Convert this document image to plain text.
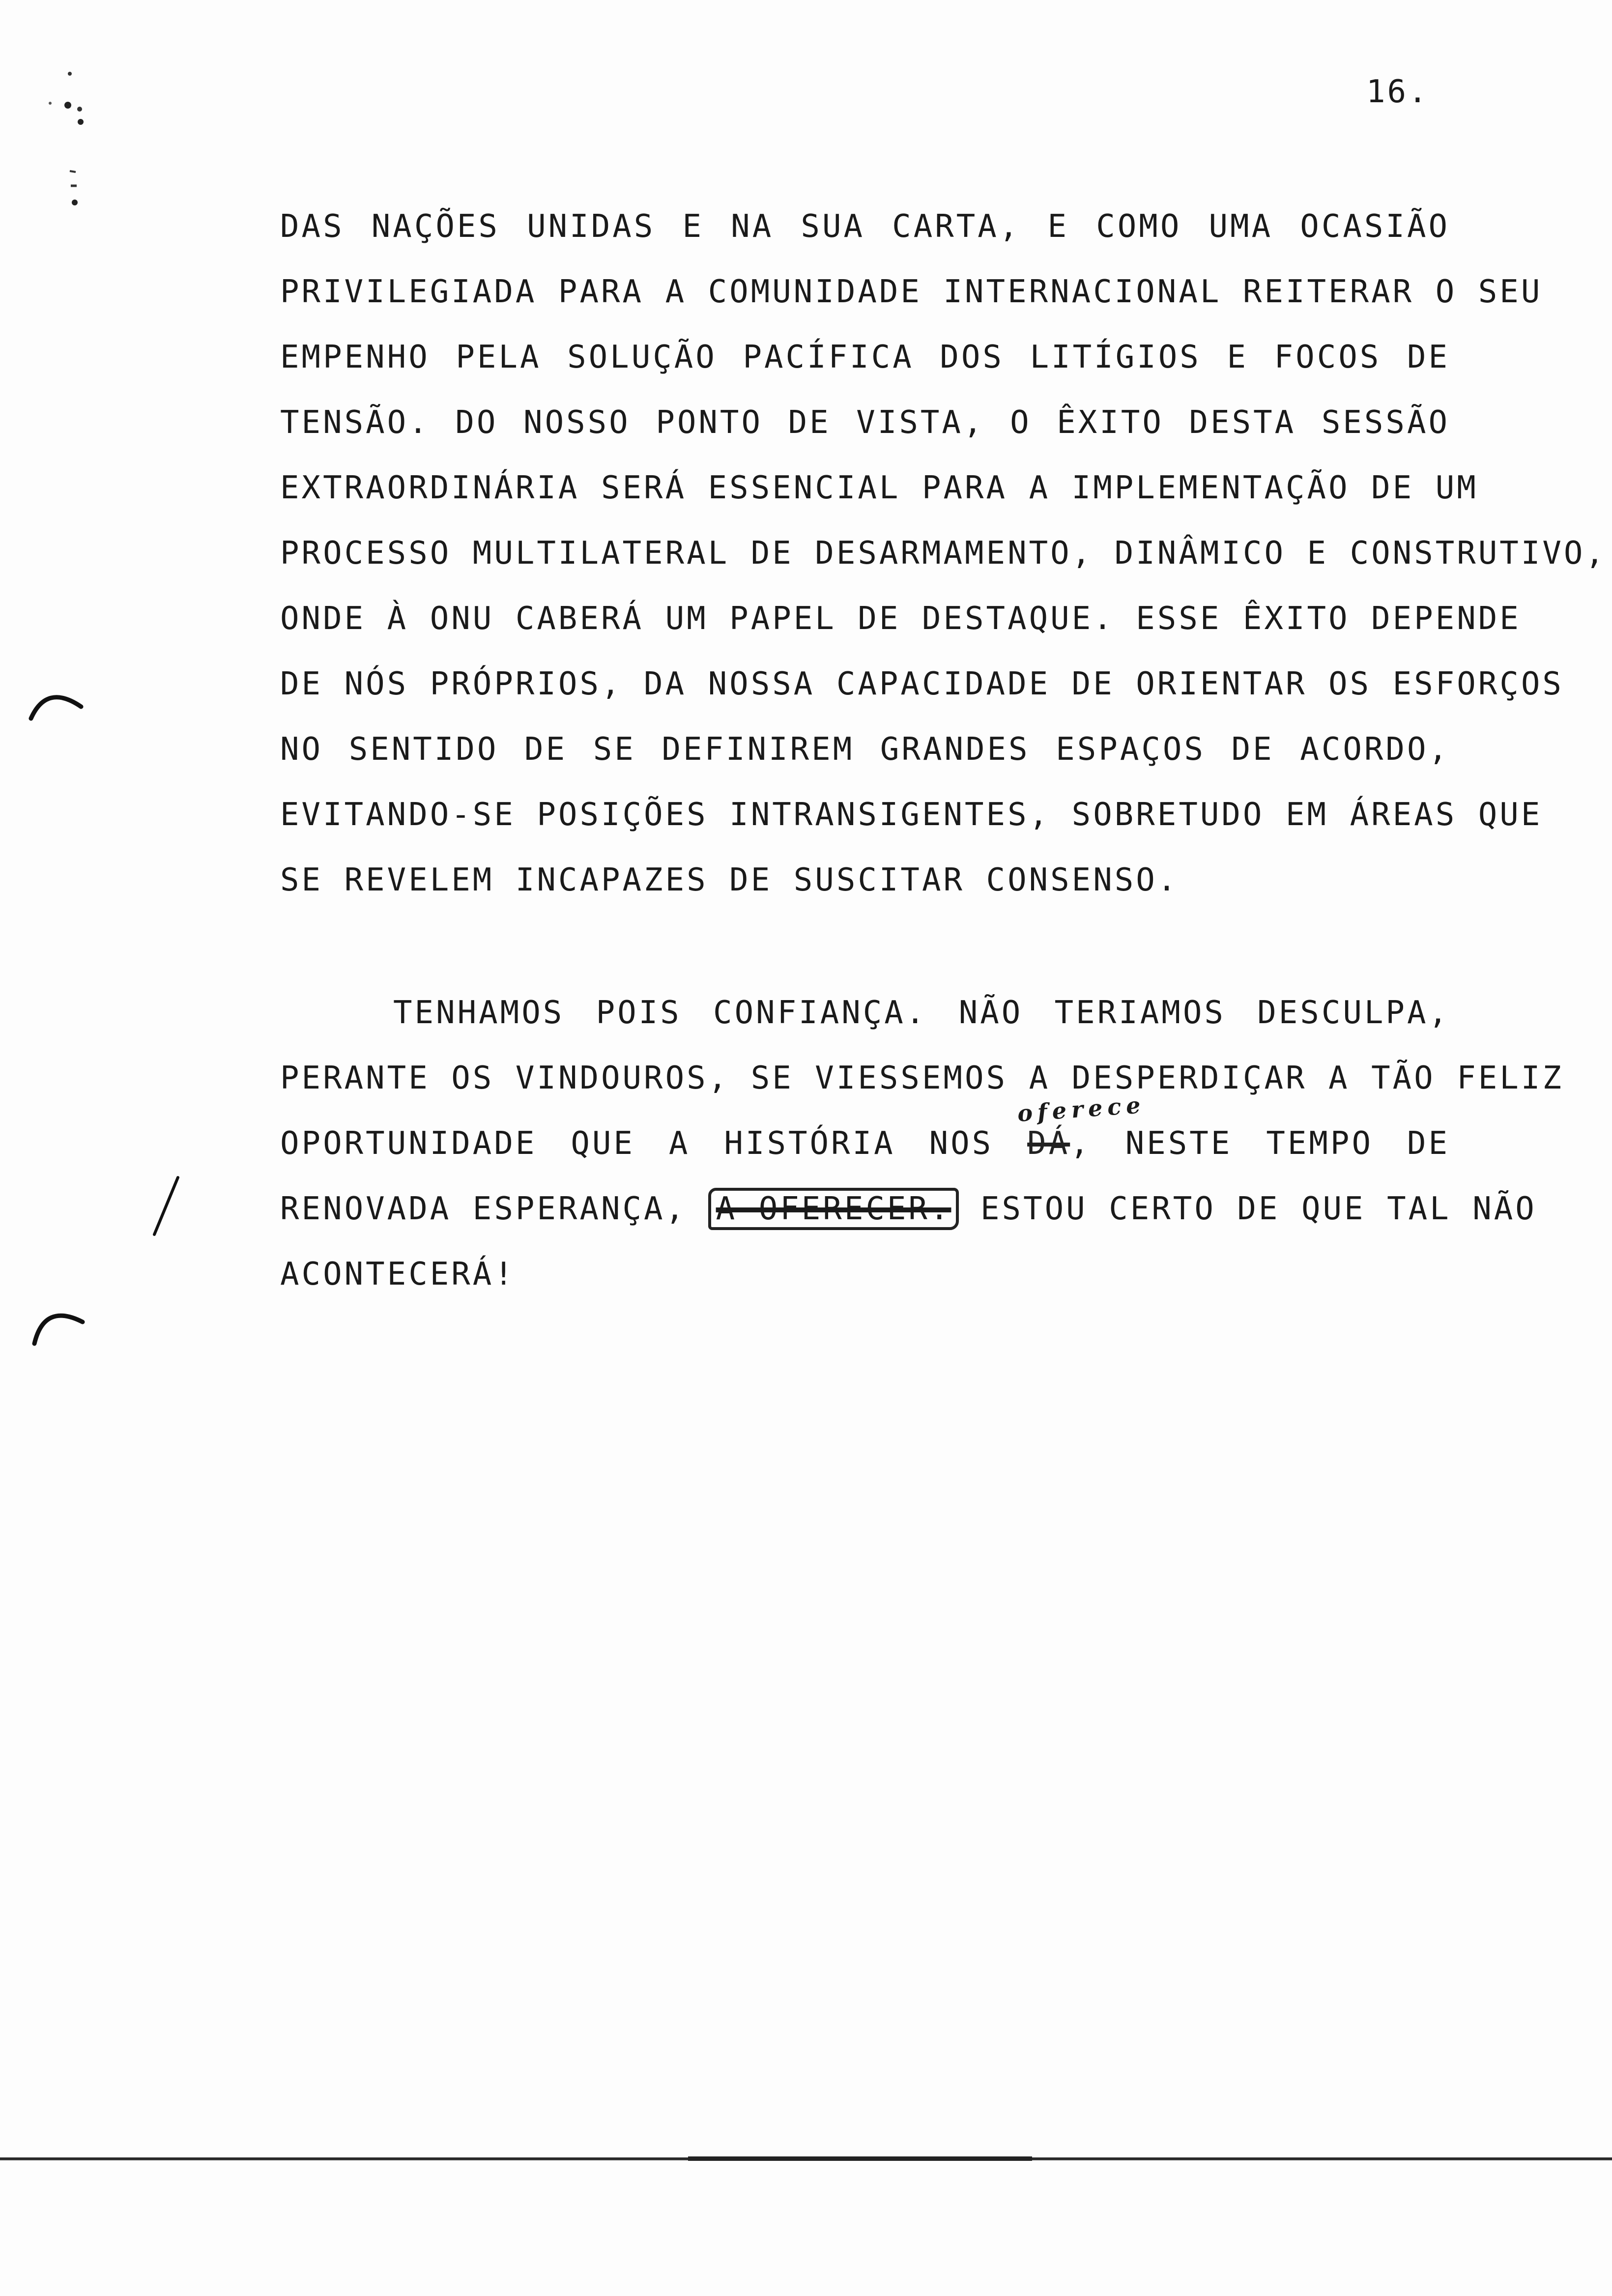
16.
DAS NAÇÕES UNIDAS E NA SUA CARTA, E COMO UMA OCASIÃO
PRIVILEGIADA PARA A COMUNIDADE INTERNACIONAL REITERAR O SEU
EMPENHO PELA SOLUÇÃO PACÍFICA DOS LITÍGIOS E FOCOS DE
TENSÃO. DO NOSSO PONTO DE VISTA, O ÊXITO DESTA SESSÃO
EXTRAORDINÁRIA SERÁ ESSENCIAL PARA A IMPLEMENTAÇÃO DE UM
PROCESSO MULTILATERAL DE DESARMAMENTO, DINÂMICO E CONSTRUTIVO,
ONDE À ONU CABERÁ UM PAPEL DE DESTAQUE. ESSE ÊXITO DEPENDE
DE NÓS PRÓPRIOS, DA NOSSA CAPACIDADE DE ORIENTAR OS ESFORÇOS
NO SENTIDO DE SE DEFINIREM GRANDES ESPAÇOS DE ACORDO,
EVITANDO-SE POSIÇÕES INTRANSIGENTES, SOBRETUDO EM ÁREAS QUE
SE REVELEM INCAPAZES DE SUSCITAR CONSENSO.
TENHAMOS POIS CONFIANÇA. NÃO TERIAMOS DESCULPA,
PERANTE OS VINDOUROS, SE VIESSEMOS A DESPERDIÇAR A TÃO FELIZ
OPORTUNIDADE QUE A HISTÓRIA NOS
oferece
DÁ, NESTE TEMPO DE
RENOVADA ESPERANÇA, A OFERECER. ESTOU CERTO DE QUE TAL NÃO
ACONTECERÁ!
